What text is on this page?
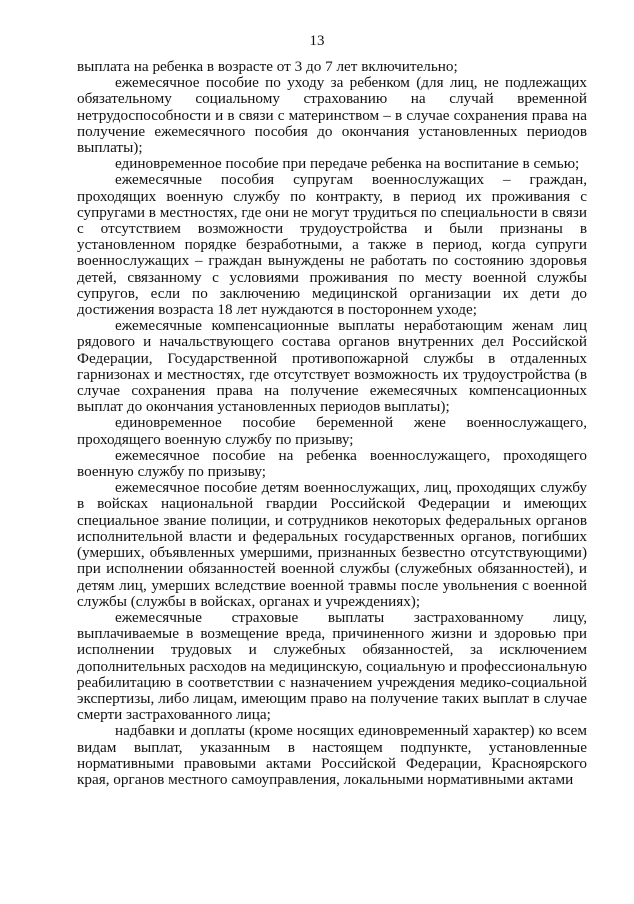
13

выплата на ребенка в возрасте от 3 до 7 лет включительно;

ежемесячное пособие по уходу за ребенком (для лиц, не подлежащих обязательному социальному страхованию на случай временной нетрудоспособности и в связи с материнством – в случае сохранения права на получение ежемесячного пособия до окончания установленных периодов выплаты);

единовременное пособие при передаче ребенка на воспитание в семью;

ежемесячные пособия супругам военнослужащих – граждан, проходящих военную службу по контракту, в период их проживания с супругами в местностях, где они не могут трудиться по специальности в связи с отсутствием возможности трудоустройства и были признаны в установленном порядке безработными, а также в период, когда супруги военнослужащих – граждан вынуждены не работать по состоянию здоровья детей, связанному с условиями проживания по месту военной службы супругов, если по заключению медицинской организации их дети до достижения возраста 18 лет нуждаются в постороннем уходе;

ежемесячные компенсационные выплаты неработающим женам лиц рядового и начальствующего состава органов внутренних дел Российской Федерации, Государственной противопожарной службы в отдаленных гарнизонах и местностях, где отсутствует возможность их трудоустройства (в случае сохранения права на получение ежемесячных компенсационных выплат до окончания установленных периодов выплаты);

единовременное пособие беременной жене военнослужащего, проходящего военную службу по призыву;

ежемесячное пособие на ребенка военнослужащего, проходящего военную службу по призыву;

ежемесячное пособие детям военнослужащих, лиц, проходящих службу в войсках национальной гвардии Российской Федерации и имеющих специальное звание полиции, и сотрудников некоторых федеральных органов исполнительной власти и федеральных государственных органов, погибших (умерших, объявленных умершими, признанных безвестно отсутствующими) при исполнении обязанностей военной службы (служебных обязанностей), и детям лиц, умерших вследствие военной травмы после увольнения с военной службы (службы в войсках, органах и учреждениях);

ежемесячные страховые выплаты застрахованному лицу, выплачиваемые в возмещение вреда, причиненного жизни и здоровью при исполнении трудовых и служебных обязанностей, за исключением дополнительных расходов на медицинскую, социальную и профессиональную реабилитацию в соответствии с назначением учреждения медико-социальной экспертизы, либо лицам, имеющим право на получение таких выплат в случае смерти застрахованного лица;

надбавки и доплаты (кроме носящих единовременный характер) ко всем видам выплат, указанным в настоящем подпункте, установленные нормативными правовыми актами Российской Федерации, Красноярского края, органов местного самоуправления, локальными нормативными актами
